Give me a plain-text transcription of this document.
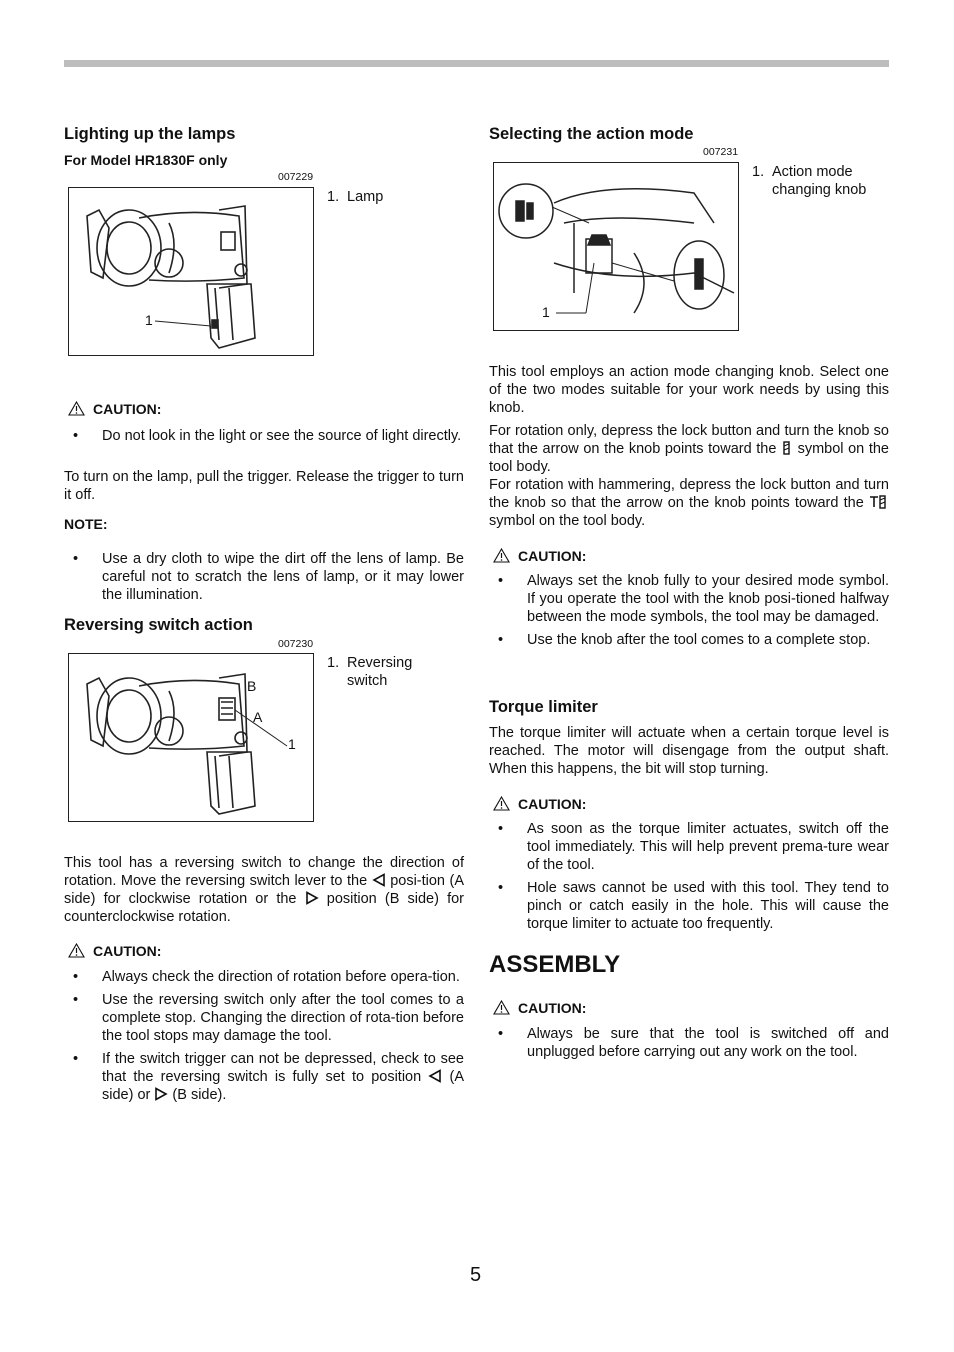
Lighting up the lamps
For Model HR1830F only
007229
1
1. Lamp
CAUTION:
• Do not look in the light or see the source of light directly.

To turn on the lamp, pull the trigger. Release the trigger to turn it off.

NOTE:
• Use a dry cloth to wipe the dirt off the lens of lamp. Be careful not to scratch the lens of lamp, or it may lower the illumination.
Reversing switch action
007230
B
A
1
1. Reversing switch

This tool has a reversing switch to change the direction of rotation. Move the reversing switch lever to the posi-tion (A side) for clockwise rotation or the position (B side) for counterclockwise rotation.

CAUTION:
• Always check the direction of rotation before opera-tion.
• Use the reversing switch only after the tool comes to a complete stop. Changing the direction of rota-tion before the tool stops may damage the tool.
• If the switch trigger can not be depressed, check to see that the reversing switch is fully set to position (A side) or (B side).
Selecting the action mode
007231
1
1. Action mode changing knob

This tool employs an action mode changing knob. Select one of the two modes suitable for your work needs by using this knob.

For rotation only, depress the lock button and turn the knob so that the arrow on the knob points toward the symbol on the tool body.

For rotation with hammering, depress the lock button and turn the knob so that the arrow on the knob points toward the  symbol on the tool body.

CAUTION:
• Always set the knob fully to your desired mode symbol. If you operate the tool with the knob posi-tioned halfway between the mode symbols, the tool may be damaged.
• Use the knob after the tool comes to a complete stop.
Torque limiter

The torque limiter will actuate when a certain torque level is reached. The motor will disengage from the output shaft. When this happens, the bit will stop turning.

CAUTION:
• As soon as the torque limiter actuates, switch off the tool immediately. This will help prevent prema-ture wear of the tool.
• Hole saws cannot be used with this tool. They tend to pinch or catch easily in the hole. This will cause the torque limiter to actuate too frequently.
ASSEMBLY
CAUTION:
• Always be sure that the tool is switched off and unplugged before carrying out any work on the tool.
5
